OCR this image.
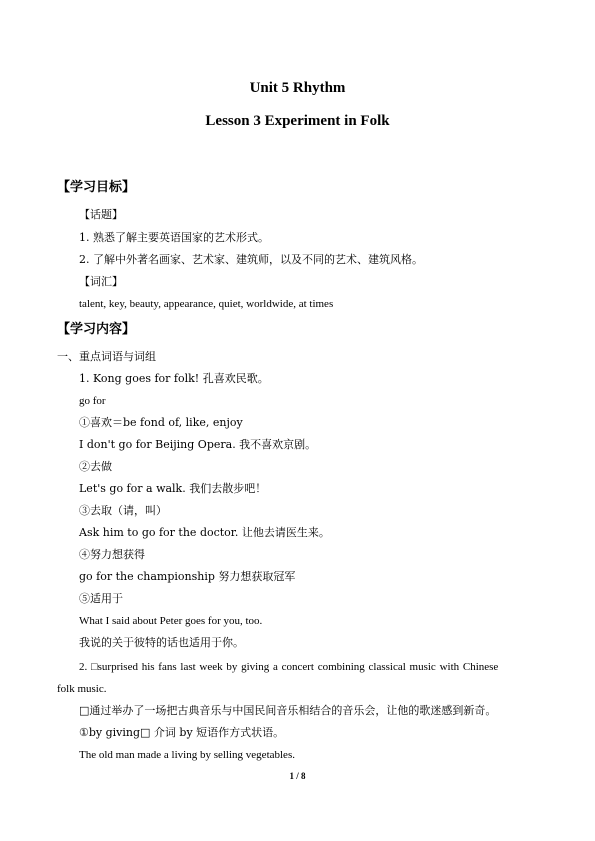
Unit 5 Rhythm
Lesson 3 Experiment in Folk
【学习目标】
【话题】
1. 熟悉了解主要英语国家的艺术形式。
2. 了解中外著名画家、艺术家、建筑师，以及不同的艺术、建筑风格。
【词汇】
talent, key, beauty, appearance, quiet, worldwide, at times
【学习内容】
一、重点词语与词组
1. Kong goes for folk! 孔喜欢民歌。
go for
①喜欢＝be fond of, like, enjoy
I don't go for Beijing Opera. 我不喜欢京剧。
②去做
Let's go for a walk. 我们去散步吧！
③去取（请，叫）
Ask him to go for the doctor. 让他去请医生来。
④努力想获得
go for the championship 努力想获取冠军
⑤适用于
What I said about Peter goes for you, too.
我说的关于彼特的话也适用于你。
2. □surprised his fans last week by giving a concert combining classical music with Chinese
folk music.
□通过举办了一场把古典音乐与中国民间音乐相结合的音乐会，让他的歌迷感到新奇。
①by giving□ 介词 by 短语作方式状语。
The old man made a living by selling vegetables.
1 / 8
